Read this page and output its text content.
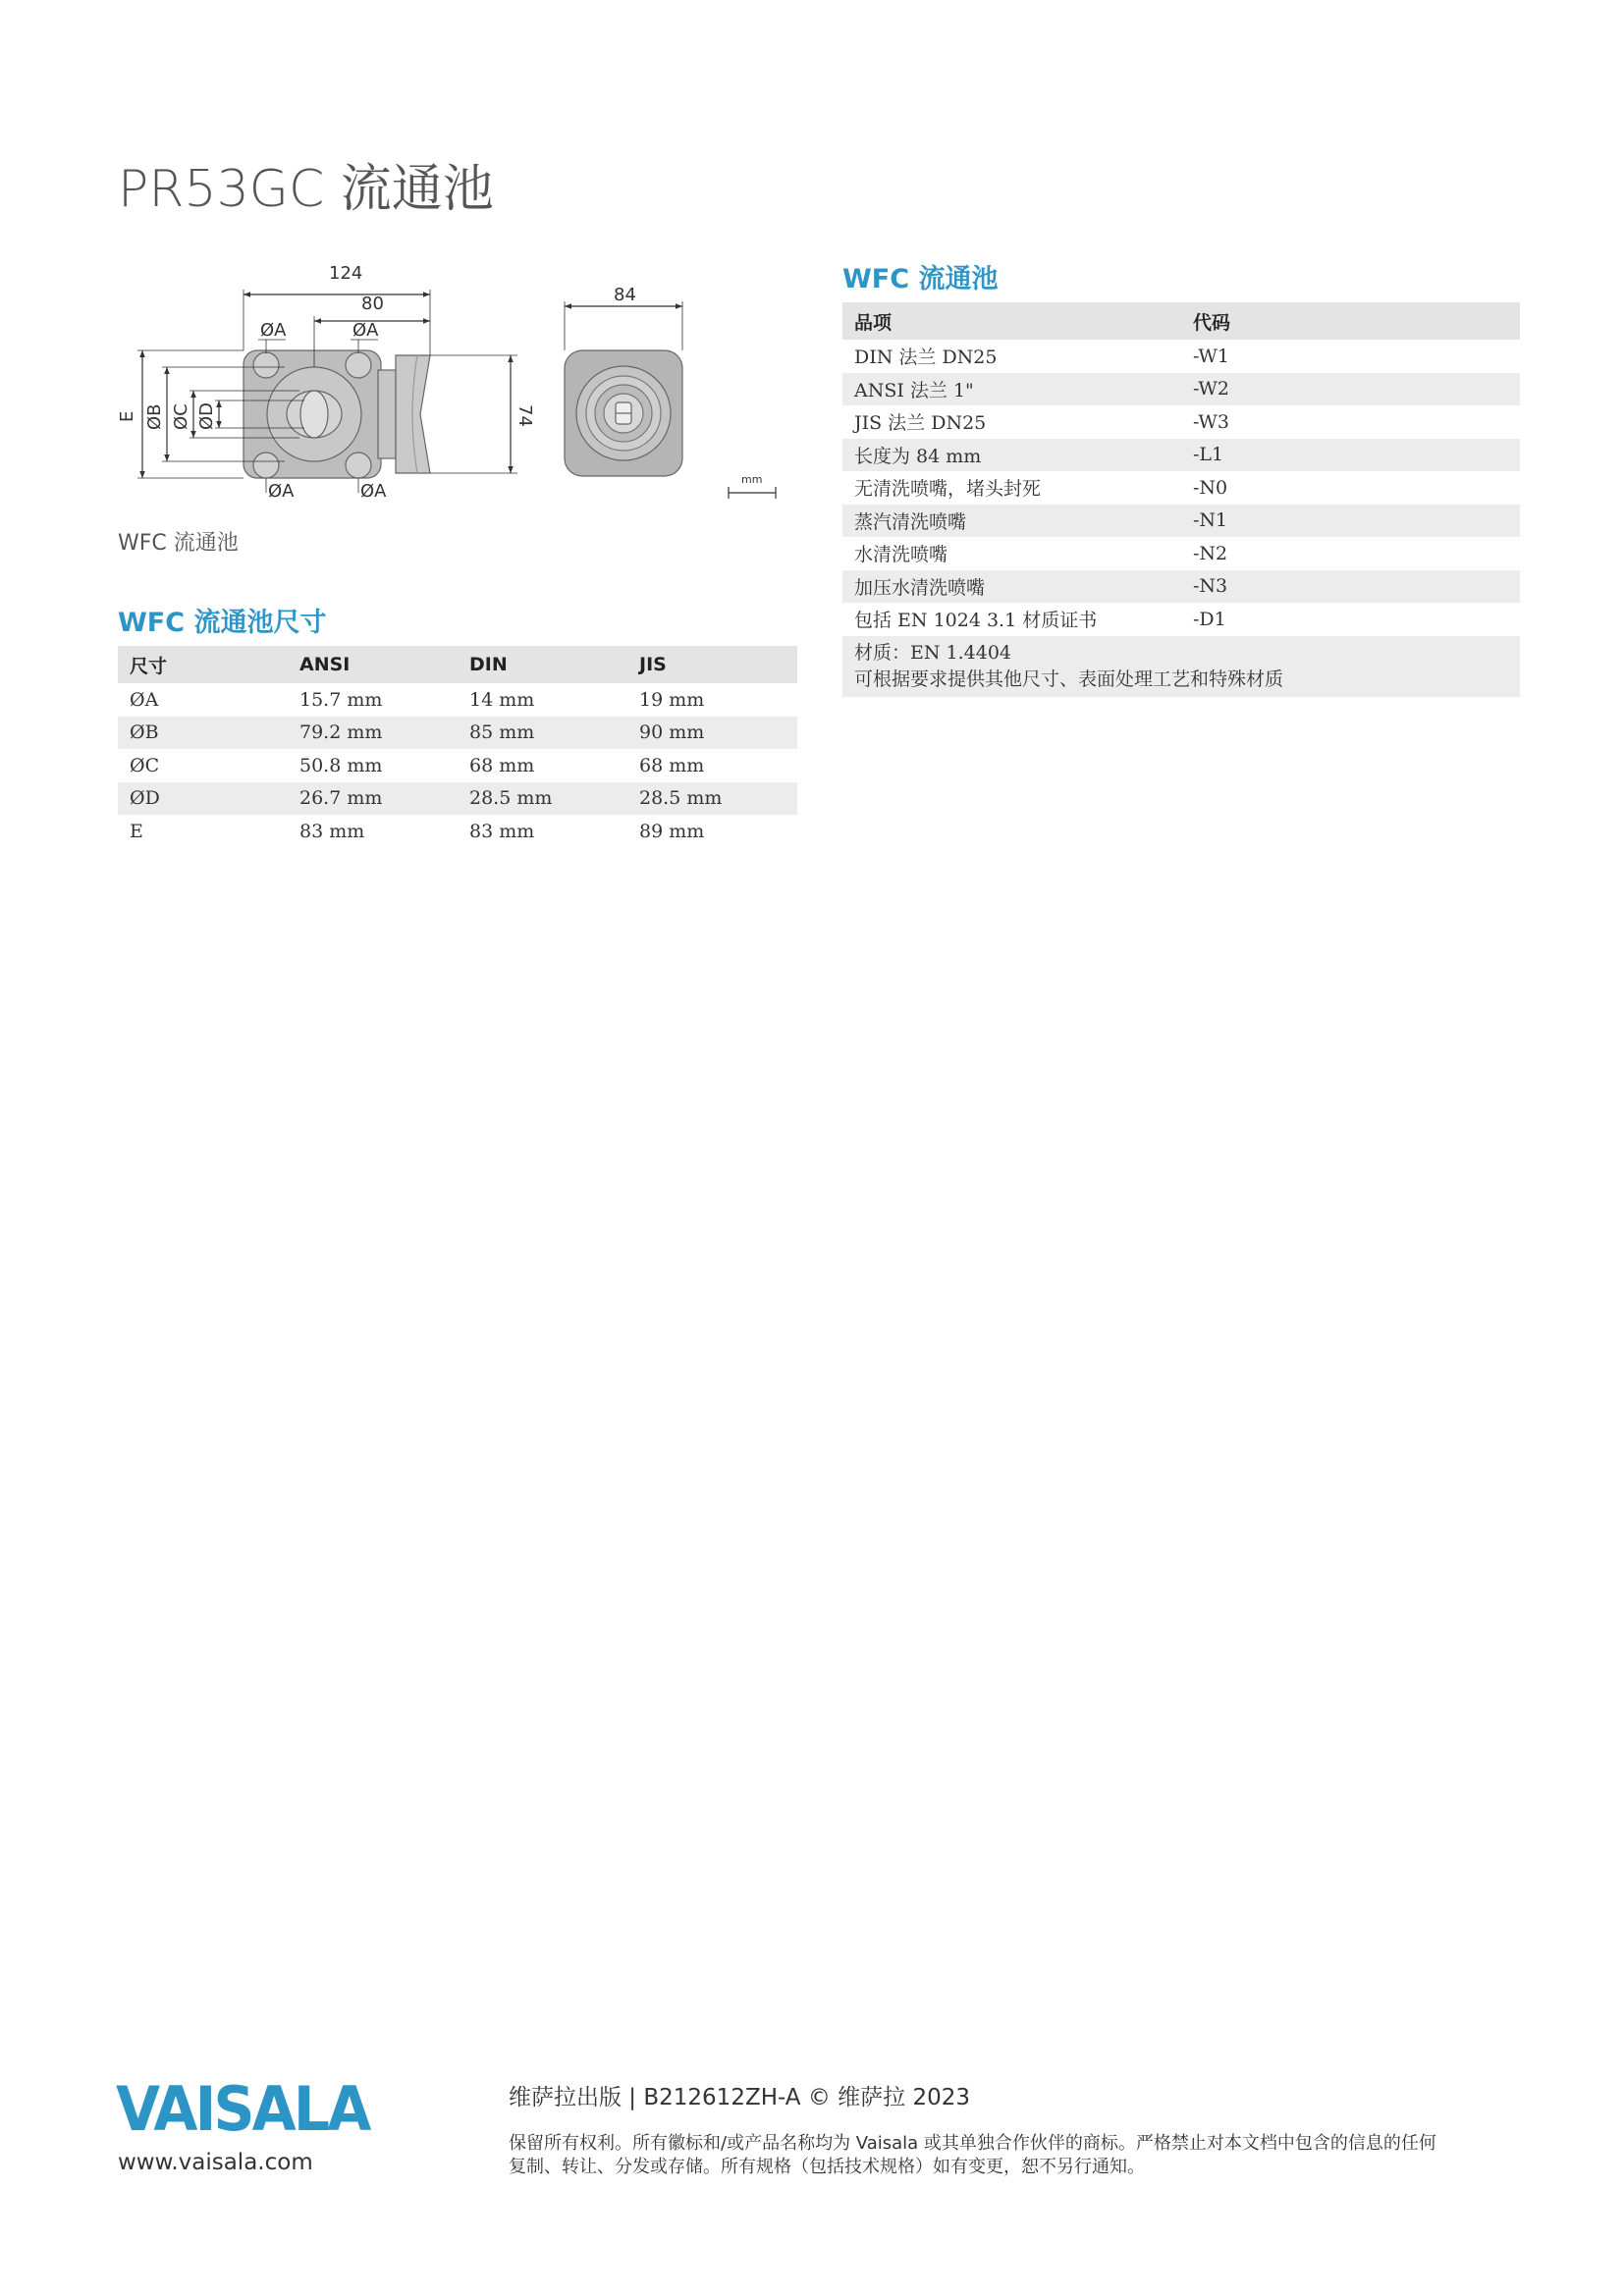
PR53GC 流通池
124
80	84
ØA	ØA
ØA	ØA
E ØB ØC ØD	74
mm
WFC 流通池
WFC 流通池尺寸
尺寸	ANSI	DIN	JIS
ØA	15.7 mm	14 mm	19 mm
ØB	79.2 mm	85 mm	90 mm
ØC	50.8 mm	68 mm	68 mm
ØD	26.7 mm	28.5 mm	28.5 mm
E	83 mm	83 mm	89 mm
WFC 流通池
品项	代码
DIN 法兰 DN25	-W1
ANSI 法兰 1"	-W2
JIS 法兰 DN25	-W3
长度为 84 mm	-L1
无清洗喷嘴，堵头封死	-N0
蒸汽清洗喷嘴	-N1
水清洗喷嘴	-N2
加压水清洗喷嘴	-N3
包括 EN 1024 3.1 材质证书	-D1

材质：EN 1.4404
可根据要求提供其他尺寸、表面处理工艺和特殊材质	
VAISALA
www.vaisala.com
维萨拉出版 | B212612ZH-A © 维萨拉 2023
保留所有权利。所有徽标和/或产品名称均为 Vaisala 或其单独合作伙伴的商标。严格禁止对本文档中包含的信息的任何
复制、转让、分发或存储。所有规格（包括技术规格）如有变更，恕不另行通知。
